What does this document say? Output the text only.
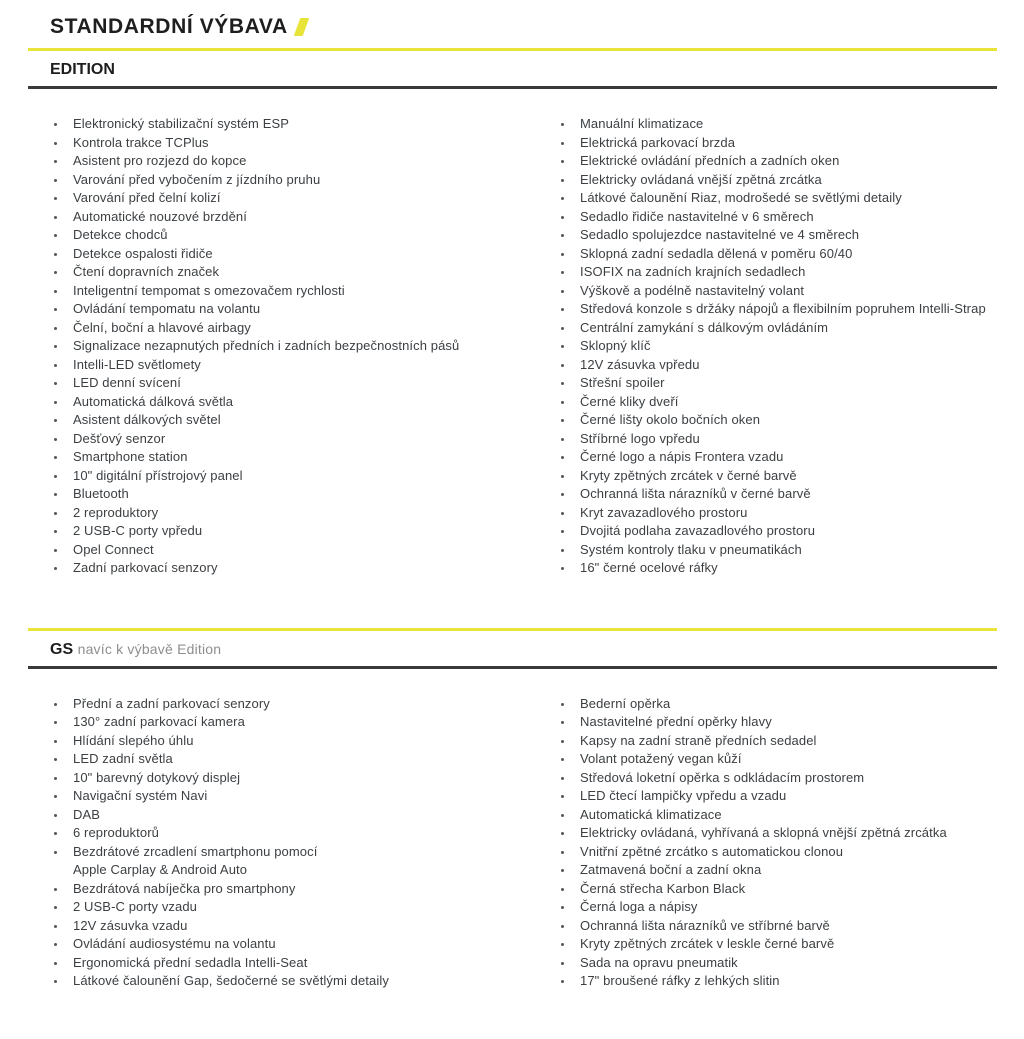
STANDARDNÍ VÝBAVA
EDITION
Elektronický stabilizační systém ESP
Kontrola trakce TCPlus
Asistent pro rozjezd do kopce
Varování před vybočením z jízdního pruhu
Varování před čelní kolizí
Automatické nouzové brzdění
Detekce chodců
Detekce ospalosti řidiče
Čtení dopravních značek
Inteligentní tempomat s omezovačem rychlosti
Ovládání tempomatu na volantu
Čelní, boční a hlavové airbagy
Signalizace nezapnutých předních i zadních bezpečnostních pásů
Intelli-LED světlomety
LED denní svícení
Automatická dálková světla
Asistent dálkových světel
Dešťový senzor
Smartphone station
10" digitální přístrojový panel
Bluetooth
2 reproduktory
2 USB-C porty vpředu
Opel Connect
Zadní parkovací senzory
Manuální klimatizace
Elektrická parkovací brzda
Elektrické ovládání předních a zadních oken
Elektricky ovládaná vnější zpětná zrcátka
Látkové čalounění Riaz, modrošedé se světlými detaily
Sedadlo řidiče nastavitelné v 6 směrech
Sedadlo spolujezdce nastavitelné ve 4 směrech
Sklopná zadní sedadla dělená v poměru 60/40
ISOFIX na zadních krajních sedadlech
Výškově a podélně nastavitelný volant
Středová konzole s držáky nápojů a flexibilním popruhem Intelli-Strap
Centrální zamykání s dálkovým ovládáním
Sklopný klíč
12V zásuvka vpředu
Střešní spoiler
Černé kliky dveří
Černé lišty okolo bočních oken
Stříbrné logo vpředu
Černé logo a nápis Frontera vzadu
Kryty zpětných zrcátek v černé barvě
Ochranná lišta nárazníků v černé barvě
Kryt zavazadlového prostoru
Dvojitá podlaha zavazadlového prostoru
Systém kontroly tlaku v pneumatikách
16" černé ocelové ráfky
GS navíc k výbavě Edition
Přední a zadní parkovací senzory
130° zadní parkovací kamera
Hlídání slepého úhlu
LED zadní světla
10" barevný dotykový displej
Navigační systém Navi
DAB
6 reproduktorů
Bezdrátové zrcadlení smartphonu pomocí
Apple Carplay & Android Auto
Bezdrátová nabíječka pro smartphony
2 USB-C porty vzadu
12V zásuvka vzadu
Ovládání audiosystému na volantu
Ergonomická přední sedadla Intelli-Seat
Látkové čalounění Gap, šedočerné se světlými detaily
Bederní opěrka
Nastavitelné přední opěrky hlavy
Kapsy na zadní straně předních sedadel
Volant potažený vegan kůží
Středová loketní opěrka s odkládacím prostorem
LED čtecí lampičky vpředu a vzadu
Automatická klimatizace
Elektricky ovládaná, vyhřívaná a sklopná vnější zpětná zrcátka
Vnitřní zpětné zrcátko s automatickou clonou
Zatmavená boční a zadní okna
Černá střecha Karbon Black
Černá loga a nápisy
Ochranná lišta nárazníků ve stříbrné barvě
Kryty zpětných zrcátek v leskle černé barvě
Sada na opravu pneumatik
17" broušené ráfky z lehkých slitin
